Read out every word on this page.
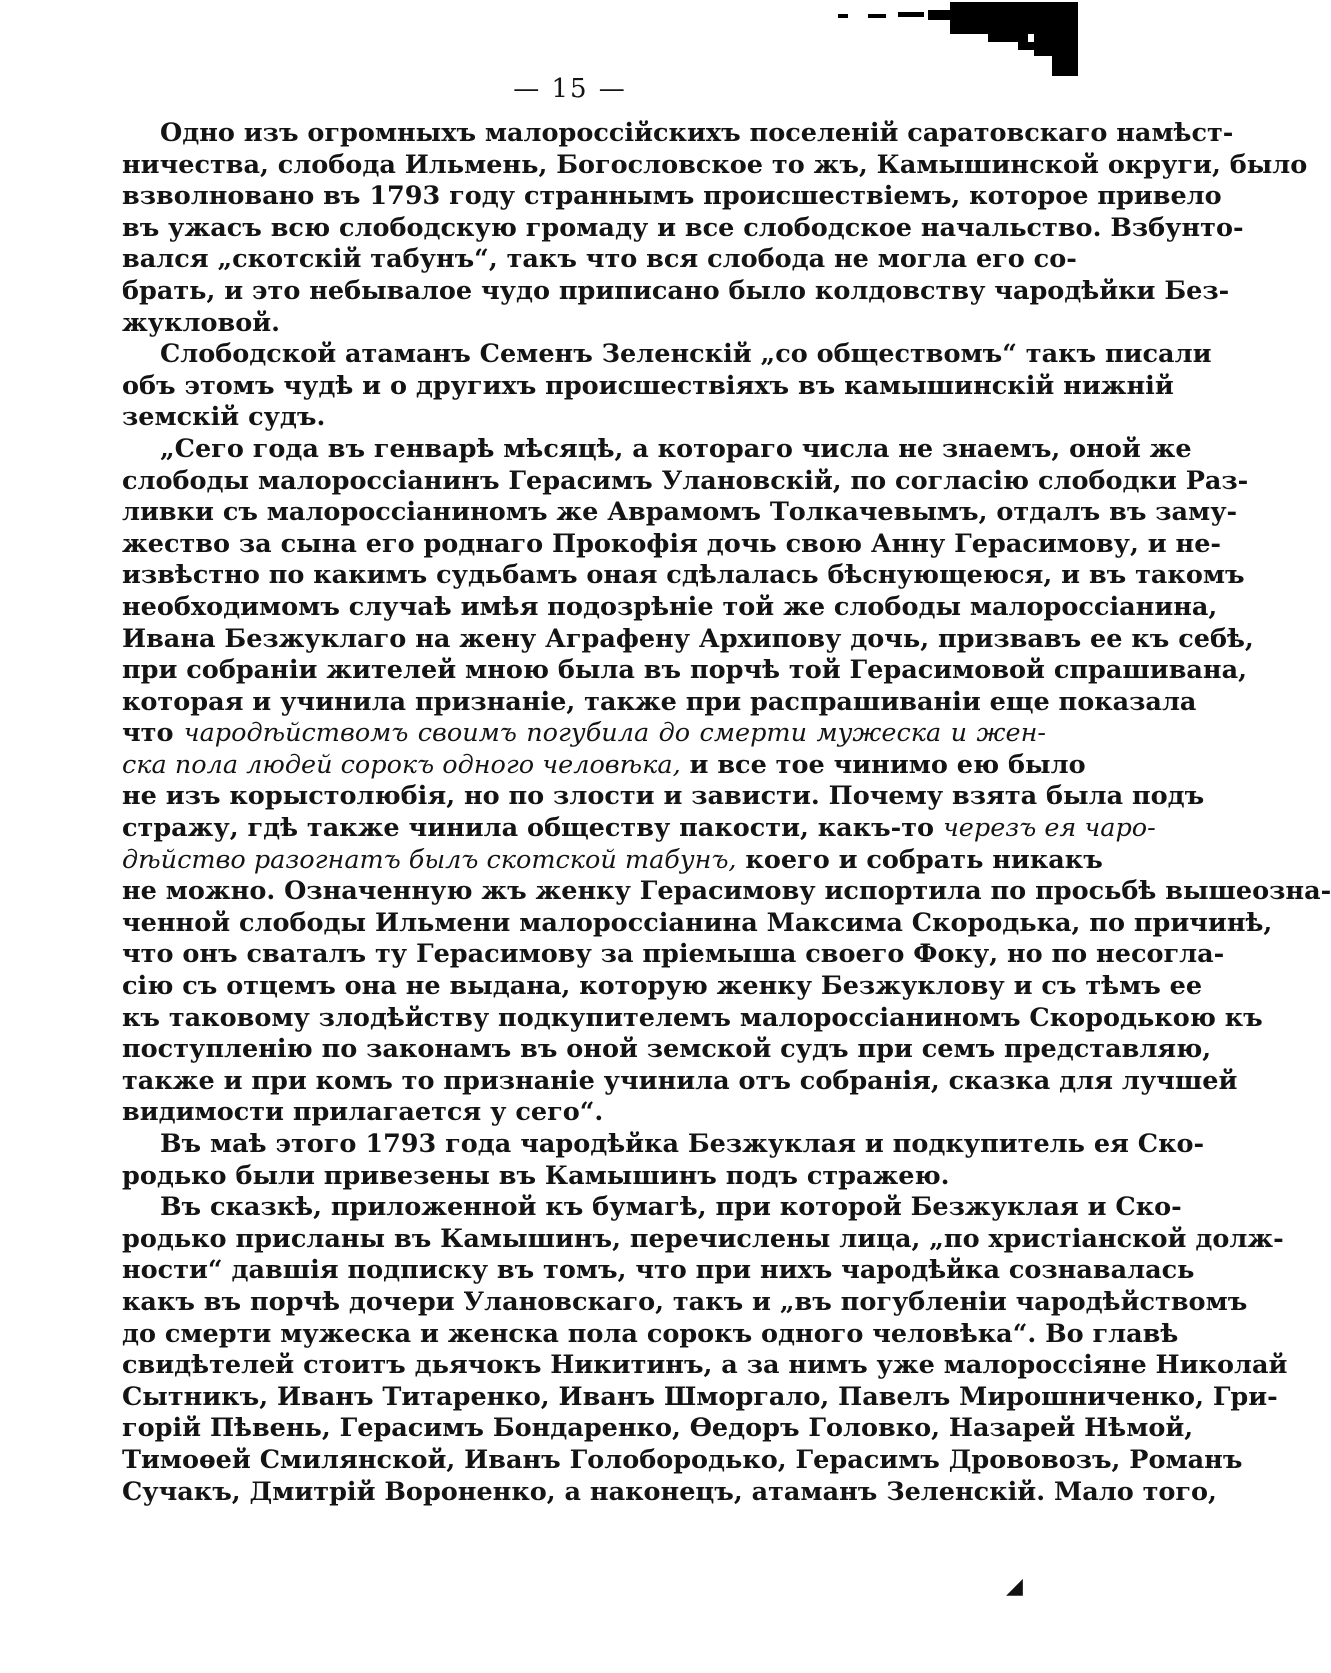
— 15 —
Одно изъ огромныхъ малороссійскихъ поселеній саратовскаго намѣст-
ничества, слобода Ильмень, Богословское то жъ, Камышинской округи, было
взволновано въ 1793 году страннымъ происшествіемъ, которое привело
въ ужасъ всю слободскую громаду и все слободское начальство. Взбунто-
вался „скотскій табунъ“, такъ что вся слобода не могла его со-
брать, и это небывалое чудо приписано было колдовству чародѣйки Без-
жукловой.
Слободской атаманъ Семенъ Зеленскій „со обществомъ“ такъ писали
объ этомъ чудѣ и о другихъ происшествіяхъ въ камышинскій нижній
земскій судъ.
„Сего года въ генварѣ мѣсяцѣ, а котораго числа не знаемъ, оной же
слободы малороссіанинъ Герасимъ Улановскій, по согласію слободки Раз-
ливки съ малороссіаниномъ же Аврамомъ Толкачевымъ, отдалъ въ заму-
жество за сына его роднаго Прокофія дочь свою Анну Герасимову, и не-
извѣстно по какимъ судьбамъ оная сдѣлалась бѣснующеюся, и въ такомъ
необходимомъ случаѣ имѣя подозрѣніе той же слободы малороссіанина,
Ивана Безжуклаго на жену Аграфену Архипову дочь, призвавъ ее къ себѣ,
при собраніи жителей мною была въ порчѣ той Герасимовой спрашивана,
которая и учинила признаніе, также при распрашиваніи еще показала
что чародѣйствомъ своимъ погубила до смерти мужеска и жен-
ска пола людей сорокъ одного человѣка, и все тое чинимо ею было
не изъ корыстолюбія, но по злости и зависти. Почему взята была подъ
стражу, гдѣ также чинила обществу пакости, какъ-то черезъ ея чаро-
дѣйство разогнатъ былъ скотской табунъ, коего и собрать никакъ
не можно. Означенную жъ женку Герасимову испортила по просьбѣ вышеозна-
ченной слободы Ильмени малороссіанина Максима Скородька, по причинѣ,
что онъ сваталъ ту Герасимову за пріемыша своего Фоку, но по несогла-
сію съ отцемъ она не выдана, которую женку Безжуклову и съ тѣмъ ее
къ таковому злодѣйству подкупителемъ малороссіаниномъ Скородькою къ
поступленію по законамъ въ оной земской судъ при семъ представляю,
также и при комъ то признаніе учинила отъ собранія, сказка для лучшей
видимости прилагается у сего“.
Въ маѣ этого 1793 года чародѣйка Безжуклая и подкупитель ея Ско-
родько были привезены въ Камышинъ подъ стражею.
Въ сказкѣ, приложенной къ бумагѣ, при которой Безжуклая и Ско-
родько присланы въ Камышинъ, перечислены лица, „по христіанской долж-
ности“ давшія подписку въ томъ, что при нихъ чародѣйка сознавалась
какъ въ порчѣ дочери Улановскаго, такъ и „въ погубленіи чародѣйствомъ
до смерти мужеска и женска пола сорокъ одного человѣка“. Во главѣ
свидѣтелей стоитъ дьячокъ Никитинъ, а за нимъ уже малороссіяне Николай
Сытникъ, Иванъ Титаренко, Иванъ Шморгало, Павелъ Мирошниченко, Гри-
горій Пѣвень, Герасимъ Бондаренко, Ѳедоръ Головко, Назарей Нѣмой,
Тимоѳей Смилянской, Иванъ Голобородько, Герасимъ Дрововозъ, Романъ
Сучакъ, Дмитрій Вороненко, а наконецъ, атаманъ Зеленскій. Мало того,
◢
